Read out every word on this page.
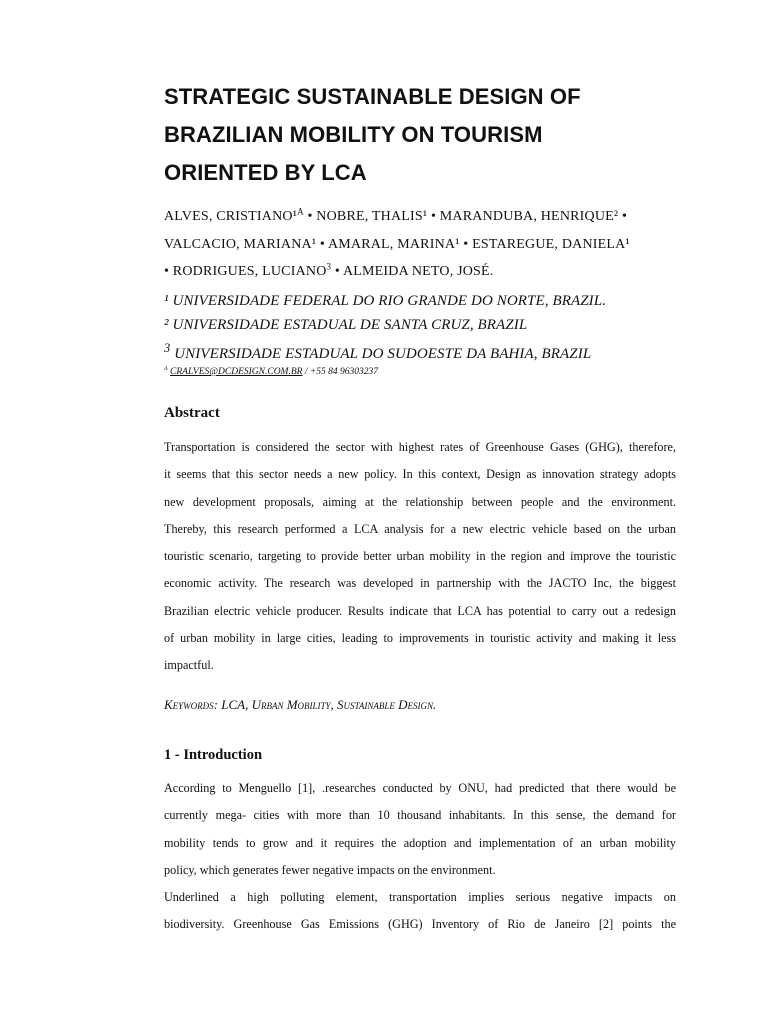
STRATEGIC SUSTAINABLE DESIGN OF
BRAZILIAN MOBILITY ON TOURISM
ORIENTED BY LCA
ALVES, CRISTIANO¹$^A$ • NOBRE, THALIS¹ • MARANDUBA, HENRIQUE² •
VALCACIO, MARIANA¹ • AMARAL, MARINA¹ • ESTAREGUE, DANIELA¹
• RODRIGUES, LUCIANO$^3$ • ALMEIDA NETO, JOSÉ.
¹ UNIVERSIDADE FEDERAL DO RIO GRANDE DO NORTE, BRAZIL.
² UNIVERSIDADE ESTADUAL DE SANTA CRUZ, BRAZIL
$^3$ UNIVERSIDADE ESTADUAL DO SUDOESTE DA BAHIA, BRAZIL
$^A$ CRALVES@DCDESIGN.COM.BR / +55 84 96303237
Abstract

Transportation is considered the sector with highest rates of Greenhouse Gases (GHG), therefore,
it seems that this sector needs a new policy. In this context, Design as innovation strategy adopts
new development proposals, aiming at the relationship between people and the environment.
Thereby, this research performed a LCA analysis for a new electric vehicle based on the urban
touristic scenario, targeting to provide better urban mobility in the region and improve the touristic
economic activity. The research was developed in partnership with the JACTO Inc, the biggest
Brazilian electric vehicle producer. Results indicate that LCA has potential to carry out a redesign
of urban mobility in large cities, leading to improvements in touristic activity and making it less
impactful.

Keywords: LCA, Urban Mobility, Sustainable Design.
1 - Introduction

According to Menguello [1], .researches conducted by ONU, had predicted that there would be
currently mega- cities with more than 10 thousand inhabitants. In this sense, the demand for
mobility tends to grow and it requires the adoption and implementation of an urban mobility
policy, which generates fewer negative impacts on the environment.
Underlined a high polluting element, transportation implies serious negative impacts on
biodiversity. Greenhouse Gas Emissions (GHG) Inventory of Rio de Janeiro [2] points the
